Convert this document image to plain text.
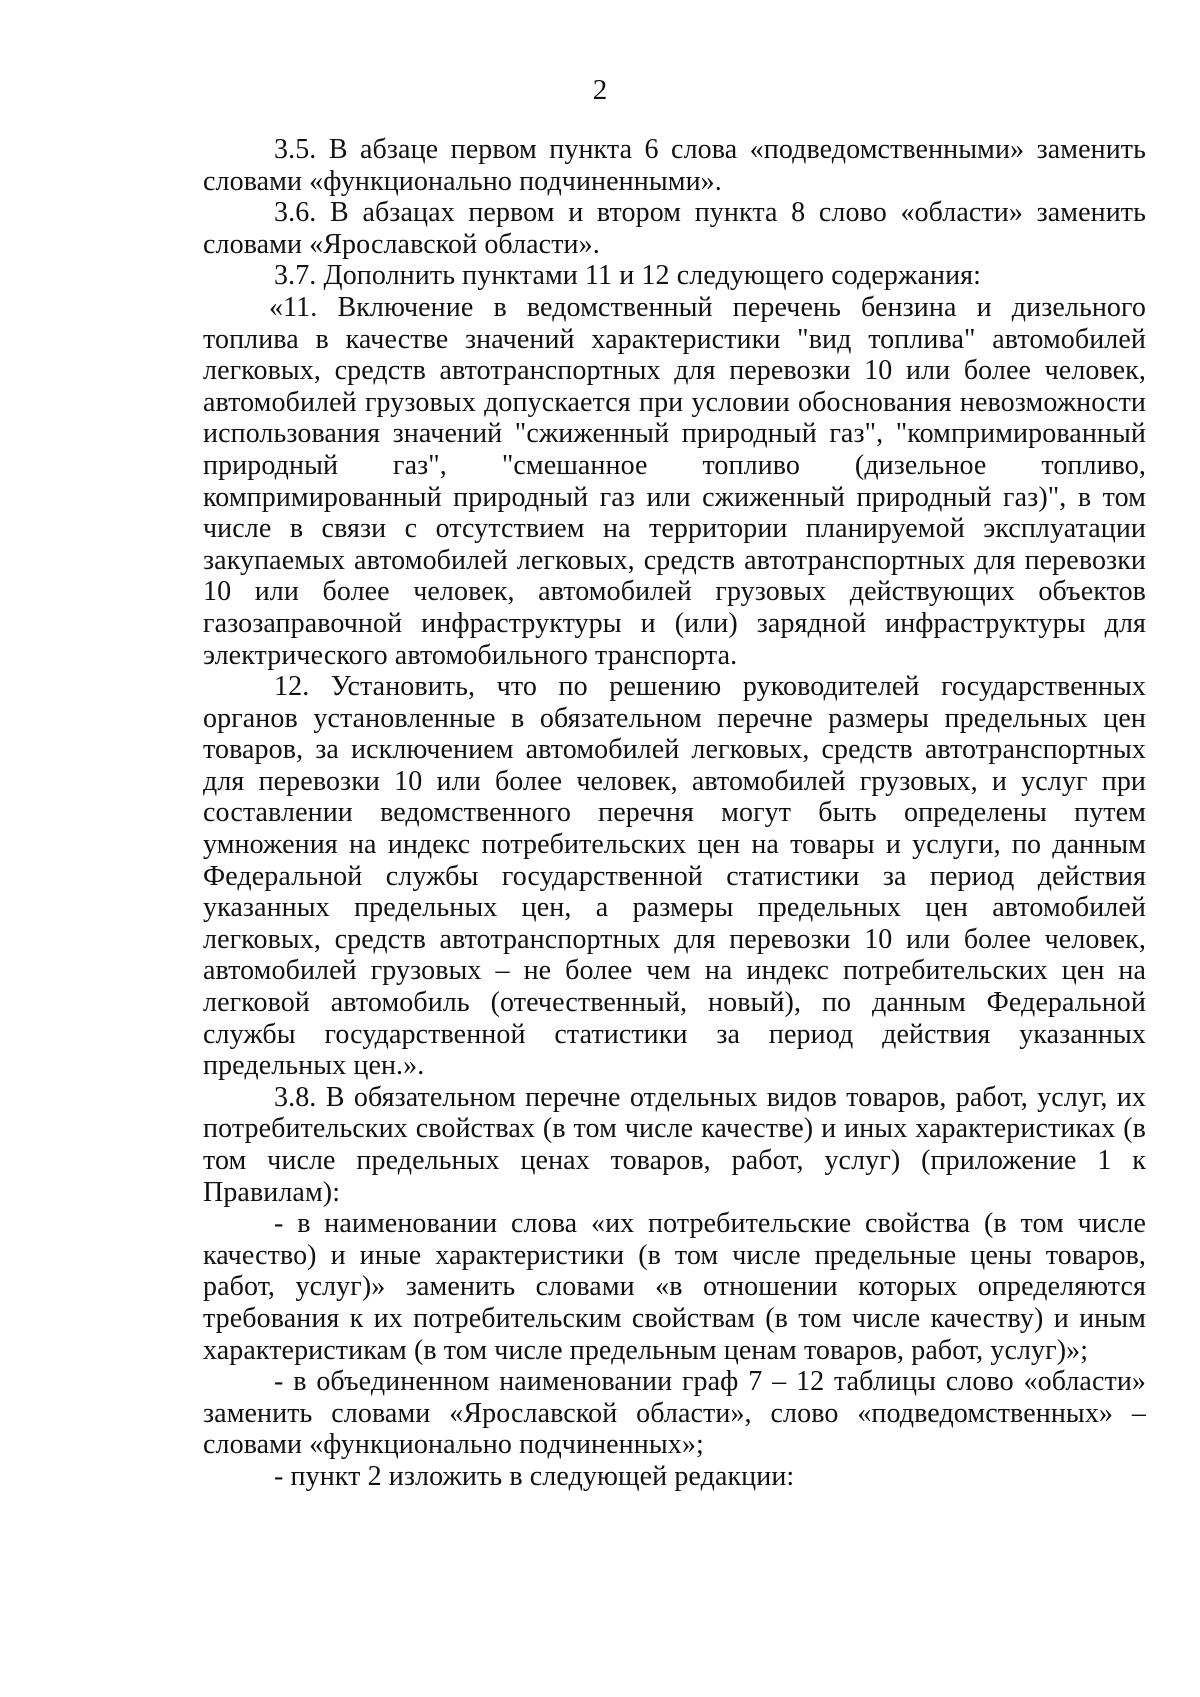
2

3.5. В абзаце первом пункта 6 слова «подведомственными» заменить словами «функционально подчиненными».

3.6. В абзацах первом и втором пункта 8 слово «области» заменить словами «Ярославской области».

3.7. Дополнить пунктами 11 и 12 следующего содержания:

«11. Включение в ведомственный перечень бензина и дизельного топлива в качестве значений характеристики "вид топлива" автомобилей легковых, средств автотранспортных для перевозки 10 или более человек, автомобилей грузовых допускается при условии обоснования невозможности использования значений "сжиженный природный газ", "компримированный природный газ", "смешанное топливо (дизельное топливо, компримированный природный газ или сжиженный природный газ)", в том числе в связи с отсутствием на территории планируемой эксплуатации закупаемых автомобилей легковых, средств автотранспортных для перевозки 10 или более человек, автомобилей грузовых действующих объектов газозаправочной инфраструктуры и (или) зарядной инфраструктуры для электрического автомобильного транспорта.

12. Установить, что по решению руководителей государственных органов установленные в обязательном перечне размеры предельных цен товаров, за исключением автомобилей легковых, средств автотранспортных для перевозки 10 или более человек, автомобилей грузовых, и услуг при составлении ведомственного перечня могут быть определены путем умножения на индекс потребительских цен на товары и услуги, по данным Федеральной службы государственной статистики за период действия указанных предельных цен, а размеры предельных цен автомобилей легковых, средств автотранспортных для перевозки 10 или более человек, автомобилей грузовых – не более чем на индекс потребительских цен на легковой автомобиль (отечественный, новый), по данным Федеральной службы государственной статистики за период действия указанных предельных цен.».

3.8. В обязательном перечне отдельных видов товаров, работ, услуг, их потребительских свойствах (в том числе качестве) и иных характеристиках (в том числе предельных ценах товаров, работ, услуг) (приложение 1 к Правилам):

- в наименовании слова «их потребительские свойства (в том числе качество) и иные характеристики (в том числе предельные цены товаров, работ, услуг)» заменить словами «в отношении которых определяются требования к их потребительским свойствам (в том числе качеству) и иным характеристикам (в том числе предельным ценам товаров, работ, услуг)»;

- в объединенном наименовании граф 7 – 12 таблицы слово «области» заменить словами «Ярославской области», слово «подведомственных» – словами «функционально подчиненных»;

- пункт 2 изложить в следующей редакции:
